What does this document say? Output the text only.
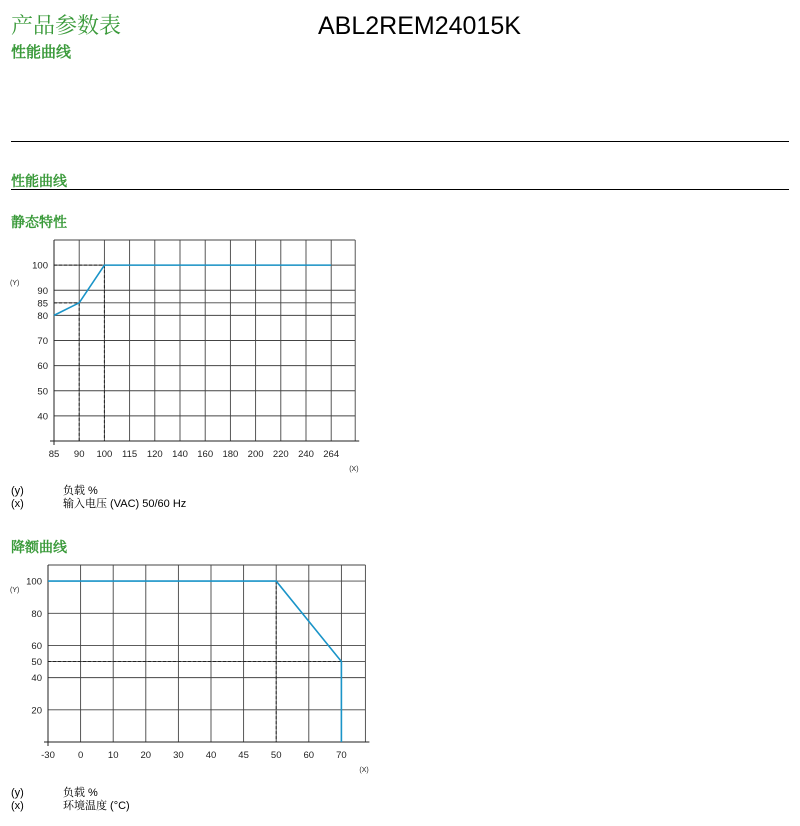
产品参数表
性能曲线
ABL2REM24015K
性能曲线
静态特性
85 90 100 115 120 140 160 180 200 220 240 264
100
90
85
80
70
60
50
40
(Y)
(X)
(y)	负载 %
(x)	输入电压 (VAC) 50/60 Hz
降额曲线
-30 0	10 20 30 40 45 50 60 70
100
80
60
50
40
20
(Y)
(X)
(y)	负载 %
(x)	环境温度 (°C)
